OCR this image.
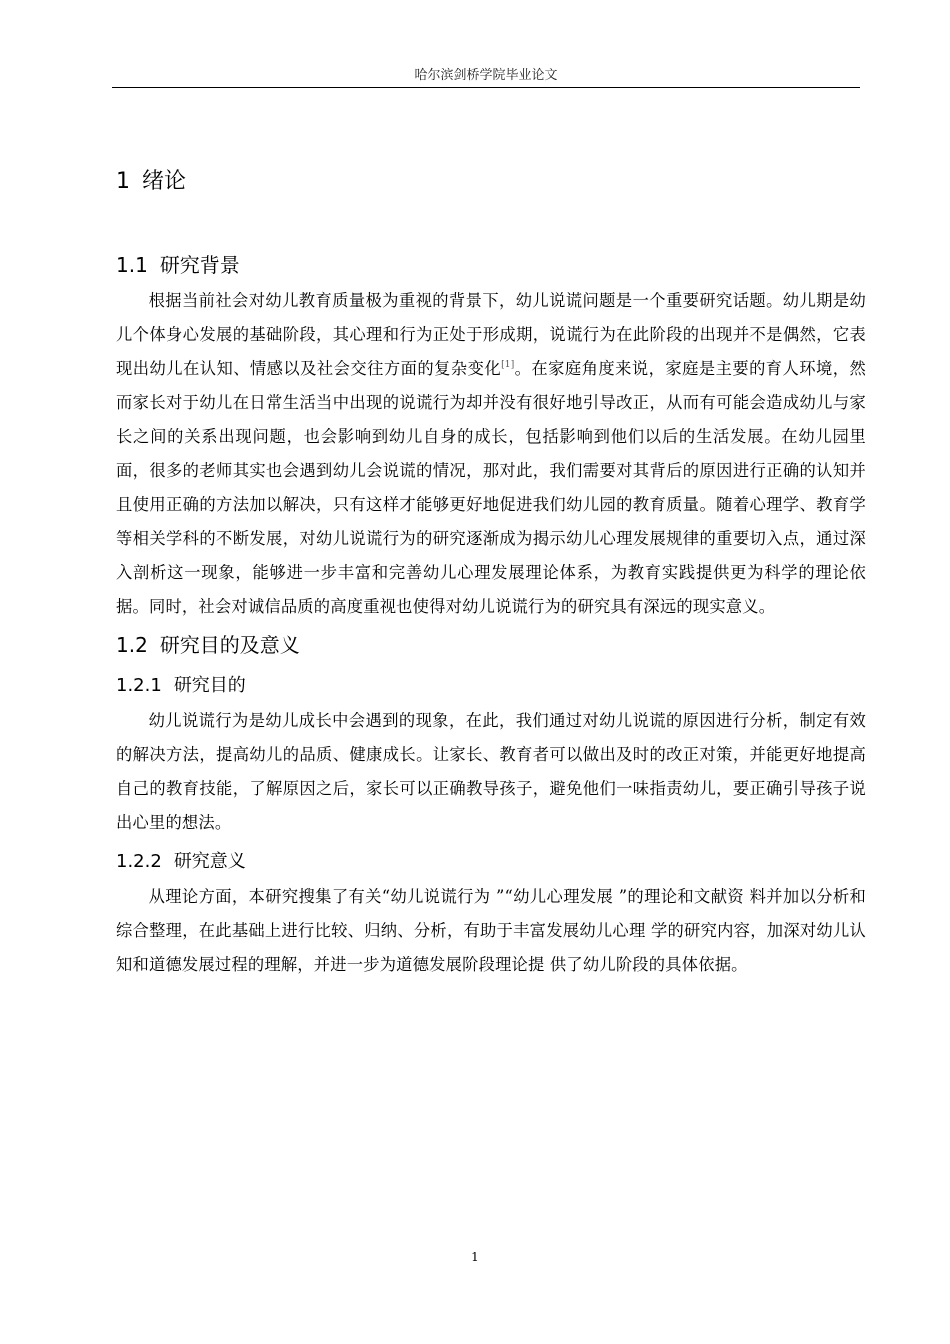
哈尔滨剑桥学院毕业论文
1 绪论
1.1 研究背景

根据当前社会对幼儿教育质量极为重视的背景下，幼儿说谎问题是一个重要研究话题。幼儿期是幼儿个体身心发展的基础阶段，其心理和行为正处于形成期，说谎行为在此阶段的出现并不是偶然，它表现出幼儿在认知、情感以及社会交往方面的复杂变化[1]。在家庭角度来说，家庭是主要的育人环境，然而家长对于幼儿在日常生活当中出现的说谎行为却并没有很好地引导改正，从而有可能会造成幼儿与家长之间的关系出现问题，也会影响到幼儿自身的成长，包括影响到他们以后的生活发展。在幼儿园里面，很多的老师其实也会遇到幼儿会说谎的情况，那对此，我们需要对其背后的原因进行正确的认知并且使用正确的方法加以解决，只有这样才能够更好地促进我们幼儿园的教育质量。随着心理学、教育学等相关学科的不断发展，对幼儿说谎行为的研究逐渐成为揭示幼儿心理发展规律的重要切入点，通过深入剖析这一现象，能够进一步丰富和完善幼儿心理发展理论体系，为教育实践提供更为科学的理论依据。同时，社会对诚信品质的高度重视也使得对幼儿说谎行为的研究具有深远的现实意义。

1.2 研究目的及意义
1.2.1 研究目的

幼儿说谎行为是幼儿成长中会遇到的现象，在此，我们通过对幼儿说谎的原因进行分析，制定有效的解决方法，提高幼儿的品质、健康成长。让家长、教育者可以做出及时的改正对策，并能更好地提高自己的教育技能，了解原因之后，家长可以正确教导孩子，避免他们一味指责幼儿，要正确引导孩子说出心里的想法。

1.2.2 研究意义

从理论方面，本研究搜集了有关“幼儿说谎行为 ”“幼儿心理发展 ”的理论和文献资 料并加以分析和综合整理，在此基础上进行比较、归纳、分析，有助于丰富发展幼儿心理 学的研究内容，加深对幼儿认知和道德发展过程的理解，并进一步为道德发展阶段理论提 供了幼儿阶段的具体依据。

1
